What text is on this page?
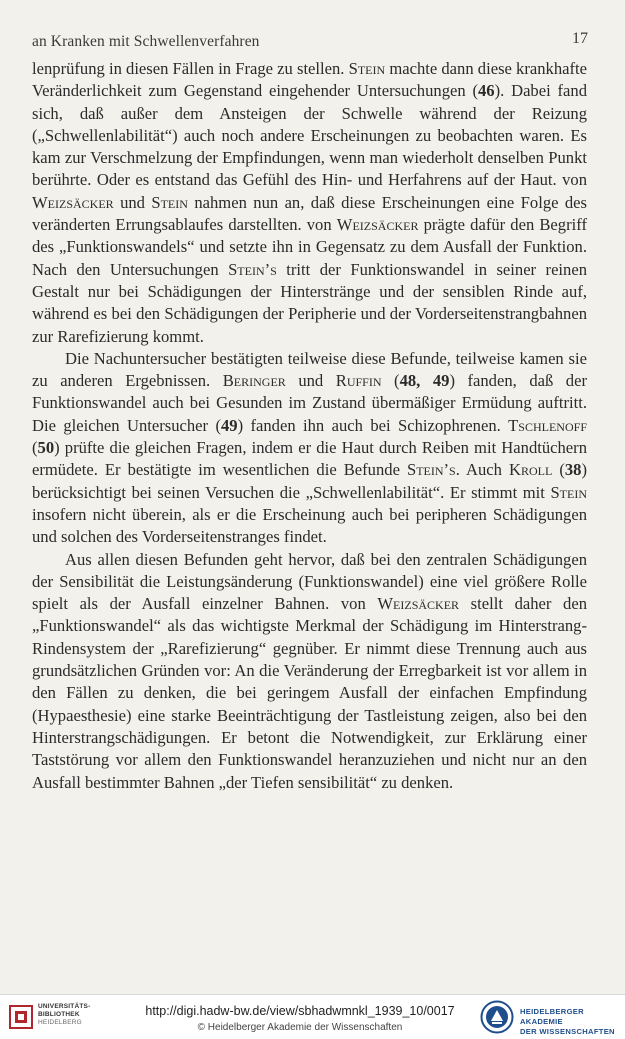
an Kranken mit Schwellenverfahren	17

lenprüfung in diesen Fällen in Frage zu stellen. Stein machte dann diese krankhafte Veränderlichkeit zum Gegenstand eingehender Untersuchungen (46). Dabei fand sich, daß außer dem Ansteigen der Schwelle während der Reizung („Schwellenlabilität“) auch noch andere Erscheinungen zu beobachten waren. Es kam zur Verschmelzung der Empfindungen, wenn man wiederholt denselben Punkt berührte. Oder es entstand das Gefühl des Hin- und Herfahrens auf der Haut. von Weizsäcker und Stein nahmen nun an, daß diese Erscheinungen eine Folge des veränderten Errungsablaufes darstellten. von Weizsäcker prägte dafür den Begriff des „Funktionswandels“ und setzte ihn in Gegensatz zu dem Ausfall der Funktion. Nach den Untersuchungen Stein’s tritt der Funktionswandel in seiner reinen Gestalt nur bei Schädigungen der Hinterstränge und der sensiblen Rinde auf, während es bei den Schädigungen der Peripherie und der Vorderseitenstrangbahnen zur Rarefizierung kommt.

Die Nachuntersucher bestätigten teilweise diese Befunde, teilweise kamen sie zu anderen Ergebnissen. Beringer und Ruffin (48, 49) fanden, daß der Funktionswandel auch bei Gesunden im Zustand übermäßiger Ermüdung auftritt. Die gleichen Untersucher (49) fanden ihn auch bei Schizophrenen. Tschlenoff (50) prüfte die gleichen Fragen, indem er die Haut durch Reiben mit Handtüchern ermüdete. Er bestätigte im wesentlichen die Befunde Stein’s. Auch Kroll (38) berücksichtigt bei seinen Versuchen die „Schwellenlabilität“. Er stimmt mit Stein insofern nicht überein, als er die Erscheinung auch bei peripheren Schädigungen und solchen des Vorderseitenstranges findet.

Aus allen diesen Befunden geht hervor, daß bei den zentralen Schädigungen der Sensibilität die Leistungsänderung (Funktionswandel) eine viel größere Rolle spielt als der Ausfall einzelner Bahnen. von Weizsäcker stellt daher den „Funktionswandel“ als das wichtigste Merkmal der Schädigung im Hinterstrang-Rindensystem der „Rarefizierung“ gegnüber. Er nimmt diese Trennung auch aus grundsätzlichen Gründen vor: An die Veränderung der Erregbarkeit ist vor allem in den Fällen zu denken, die bei geringem Ausfall der einfachen Empfindung (Hypaesthesie) eine starke Beeinträchtigung der Tastleistung zeigen, also bei den Hinterstrangschädigungen. Er betont die Notwendigkeit, zur Erklärung einer Taststörung vor allem den Funktionswandel heranzuziehen und nicht nur an den Ausfall bestimmter Bahnen „der Tiefen sensibilität“ zu denken.

UNIVERSITÄTS-
BIBLIOTHEK
HEIDELBERG
http://digi.hadw-bw.de/view/sbhadwmnkl_1939_10/0017
© Heidelberger Akademie der Wissenschaften
HEIDELBERGER AKADEMIE
DER WISSENSCHAFTEN
